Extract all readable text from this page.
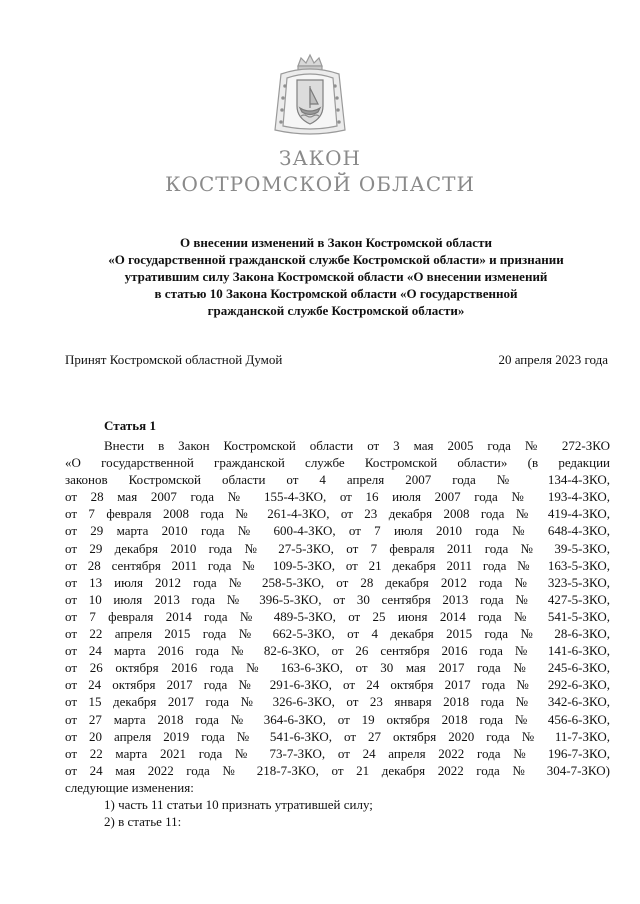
ЗАКОН
КОСТРОМСКОЙ ОБЛАСТИ
О внесении изменений в Закон Костромской области
«О государственной гражданской службе Костромской области» и признании
утратившим силу Закона Костромской области «О внесении изменений
в статью 10 Закона Костромской области «О государственной
гражданской службе Костромской области»
Принят Костромской областной Думой	20 апреля 2023 года
Статья 1

Внести в Закон Костромской области от 3 мая 2005 года № 272-ЗКО
«О государственной гражданской службе Костромской области» (в редакции
законов Костромской области от 4 апреля 2007 года № 134-4-ЗКО,
от 28 мая 2007 года № 155-4-ЗКО, от 16 июля 2007 года № 193-4-ЗКО,
от 7 февраля 2008 года № 261-4-ЗКО, от 23 декабря 2008 года № 419-4-ЗКО,
от 29 марта 2010 года № 600-4-ЗКО, от 7 июля 2010 года № 648-4-ЗКО,
от 29 декабря 2010 года № 27-5-ЗКО, от 7 февраля 2011 года № 39-5-ЗКО,
от 28 сентября 2011 года № 109-5-ЗКО, от 21 декабря 2011 года № 163-5-ЗКО,
от 13 июля 2012 года № 258-5-ЗКО, от 28 декабря 2012 года № 323-5-ЗКО,
от 10 июля 2013 года № 396-5-ЗКО, от 30 сентября 2013 года № 427-5-ЗКО,
от 7 февраля 2014 года № 489-5-ЗКО, от 25 июня 2014 года № 541-5-ЗКО,
от 22 апреля 2015 года № 662-5-ЗКО, от 4 декабря 2015 года № 28-6-ЗКО,
от 24 марта 2016 года № 82-6-ЗКО, от 26 сентября 2016 года № 141-6-ЗКО,
от 26 октября 2016 года № 163-6-ЗКО, от 30 мая 2017 года № 245-6-ЗКО,
от 24 октября 2017 года № 291-6-ЗКО, от 24 октября 2017 года № 292-6-ЗКО,
от 15 декабря 2017 года № 326-6-ЗКО, от 23 января 2018 года № 342-6-ЗКО,
от 27 марта 2018 года № 364-6-ЗКО, от 19 октября 2018 года № 456-6-ЗКО,
от 20 апреля 2019 года № 541-6-ЗКО, от 27 октября 2020 года № 11-7-ЗКО,
от 22 марта 2021 года № 73-7-ЗКО, от 24 апреля 2022 года № 196-7-ЗКО,
от 24 мая 2022 года № 218-7-ЗКО, от 21 декабря 2022 года № 304-7-ЗКО)
следующие изменения:

1) часть 11 статьи 10 признать утратившей силу;

2) в статье 11:
